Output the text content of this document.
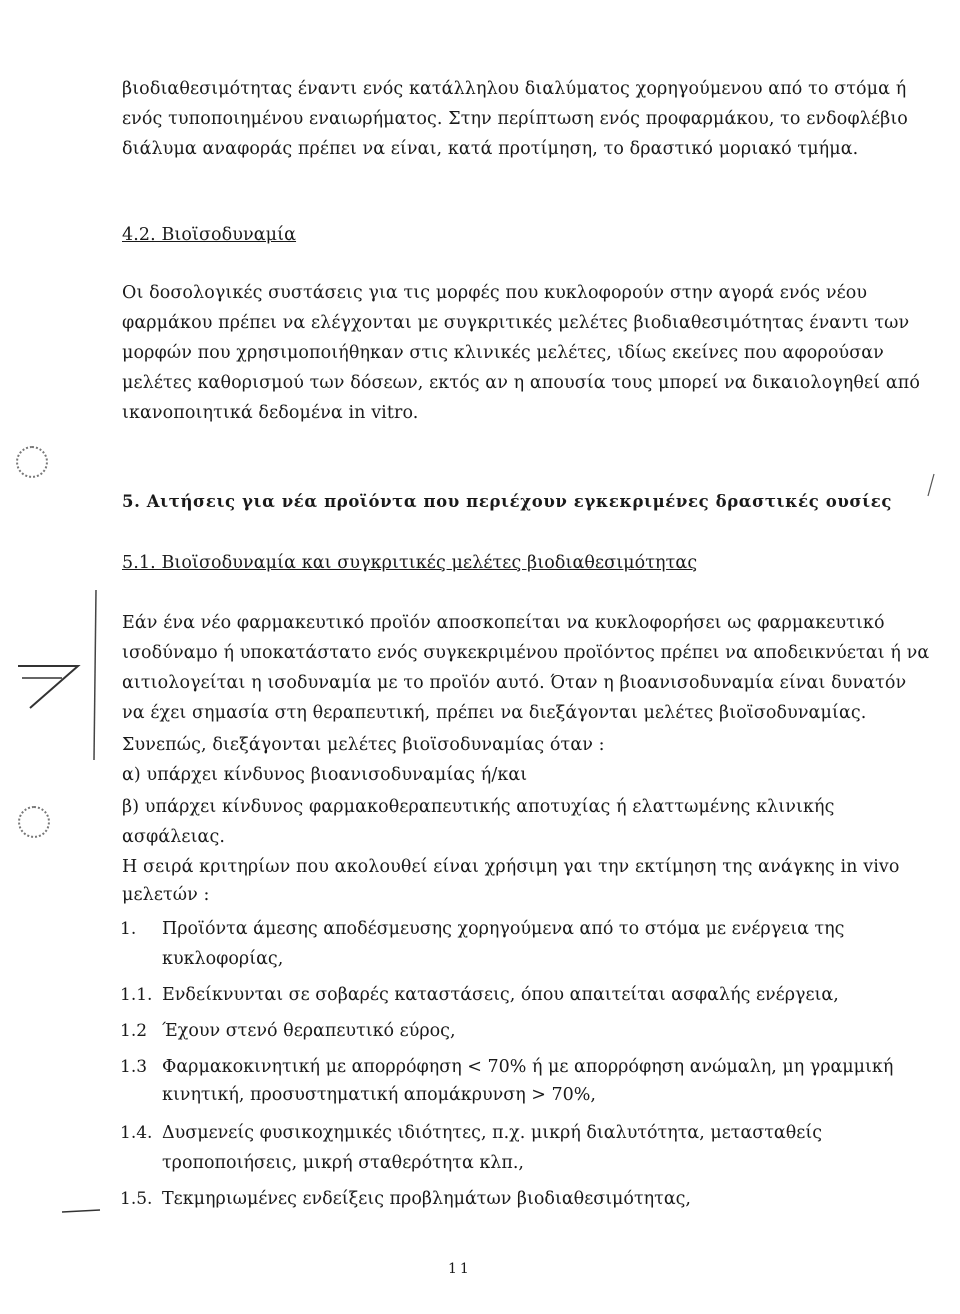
βιοδιαθεσιμότητας έναντι ενός κατάλληλου διαλύματος χορηγούμενου από το στόμα ή
ενός τυποποιημένου εναιωρήματος. Στην περίπτωση ενός προφαρμάκου, το ενδοφλέβιο
διάλυμα αναφοράς πρέπει να είναι, κατά προτίμηση, το δραστικό μοριακό τμήμα.
4.2. Βιοϊσοδυναμία
Οι δοσολογικές συστάσεις για τις μορφές που κυκλοφορούν στην αγορά ενός νέου
φαρμάκου πρέπει να ελέγχονται με συγκριτικές μελέτες βιοδιαθεσιμότητας έναντι των
μορφών που χρησιμοποιήθηκαν στις κλινικές μελέτες, ιδίως εκείνες που αφορούσαν
μελέτες καθορισμού των δόσεων, εκτός αν η απουσία τους μπορεί να δικαιολογηθεί από
ικανοποιητικά δεδομένα in vitro.
5. Αιτήσεις για νέα προϊόντα που περιέχουν εγκεκριμένες δραστικές ουσίες
5.1. Βιοϊσοδυναμία και συγκριτικές μελέτες βιοδιαθεσιμότητας
Εάν ένα νέο φαρμακευτικό προϊόν αποσκοπείται να κυκλοφορήσει ως φαρμακευτικό
ισοδύναμο ή υποκατάστατο ενός συγκεκριμένου προϊόντος πρέπει να αποδεικνύεται ή να
αιτιολογείται η ισοδυναμία με το προϊόν αυτό. Όταν η βιοανισοδυναμία είναι δυνατόν
να έχει σημασία στη θεραπευτική, πρέπει να διεξάγονται μελέτες βιοϊσοδυναμίας.
Συνεπώς, διεξάγονται μελέτες βιοϊσοδυναμίας όταν :
α) υπάρχει κίνδυνος βιοανισοδυναμίας ή/και
β) υπάρχει κίνδυνος φαρμακοθεραπευτικής αποτυχίας ή ελαττωμένης κλινικής
ασφάλειας.
Η σειρά κριτηρίων που ακολουθεί είναι χρήσιμη γαι την εκτίμηση της ανάγκης in vivo
μελετών :
1. Προϊόντα άμεσης αποδέσμευσης χορηγούμενα από το στόμα με ενέργεια της
κυκλοφορίας,
1.1. Ενδείκνυνται σε σοβαρές καταστάσεις, όπου απαιτείται ασφαλής ενέργεια,
1.2 Έχουν στενό θεραπευτικό εύρος,
1.3 Φαρμακοκινητική με απορρόφηση < 70% ή με απορρόφηση ανώμαλη, μη γραμμική
κινητική, προσυστηματική απομάκρυνση > 70%,
1.4. Δυσμενείς φυσικοχημικές ιδιότητες, π.χ. μικρή διαλυτότητα, μετασταθείς
τροποποιήσεις, μικρή σταθερότητα κλπ.,
1.5. Τεκμηριωμένες ενδείξεις προβλημάτων βιοδιαθεσιμότητας,
11
